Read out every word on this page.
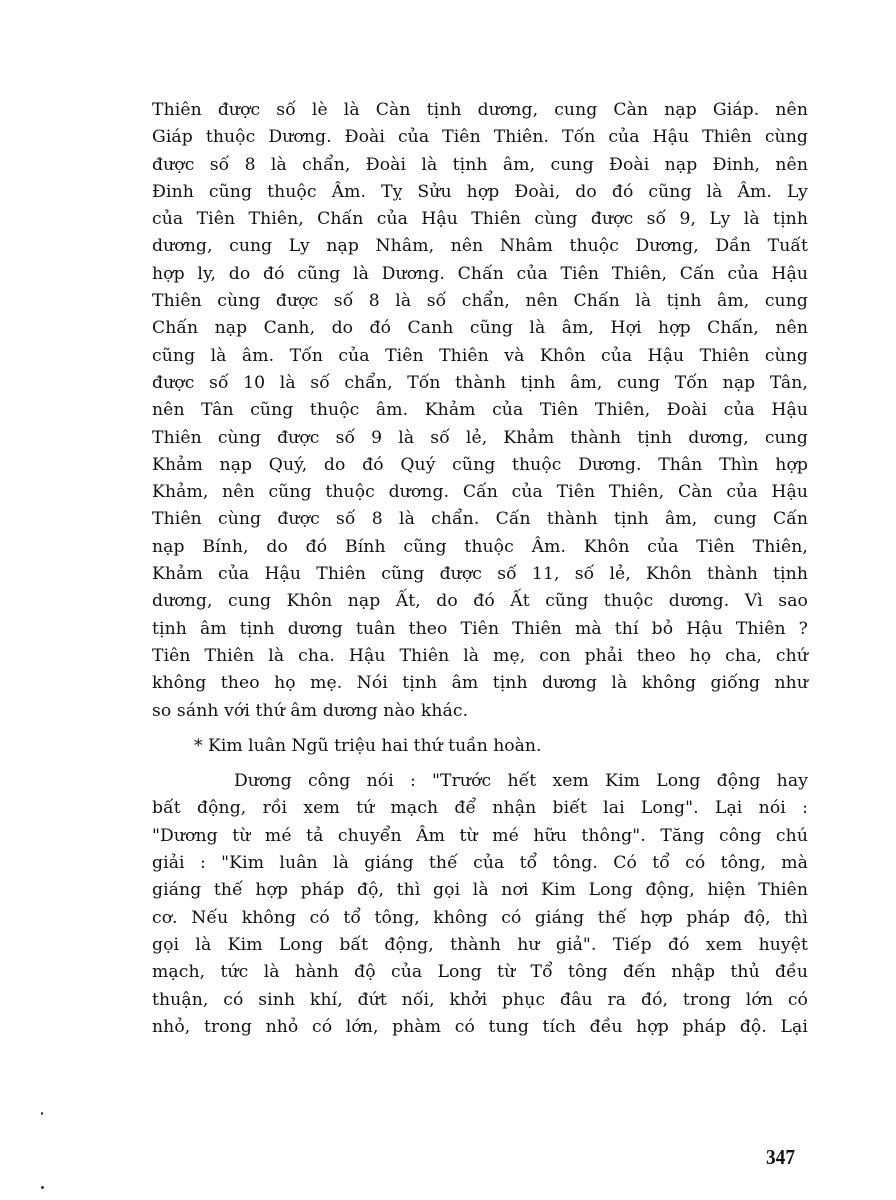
Thiên được số lè là Càn tịnh dương, cung Càn nạp Giáp. nên
Giáp thuộc Dương. Đoài của Tiên Thiên. Tốn của Hậu Thiên cùng
được số 8 là chẩn, Đoài là tịnh âm, cung Đoài nạp Đinh, nên
Đinh cũng thuộc Âm. Tỵ Sửu hợp Đoài, do đó cũng là Âm. Ly
của Tiên Thiên, Chấn của Hậu Thiên cùng được số 9, Ly là tịnh
dương, cung Ly nạp Nhâm, nên Nhâm thuộc Dương, Dần Tuất
hợp ly, do đó cũng là Dương. Chấn của Tiên Thiên, Cấn của Hậu
Thiên cùng được số 8 là số chẩn, nên Chấn là tịnh âm, cung
Chấn nạp Canh, do đó Canh cũng là âm, Hợi hợp Chấn, nên
cũng là âm. Tốn của Tiên Thiên và Khôn của Hậu Thiên cùng
được số 10 là số chẩn, Tốn thành tịnh âm, cung Tốn nạp Tân,
nên Tân cũng thuộc âm. Khảm của Tiên Thiên, Đoài của Hậu
Thiên cùng được số 9 là số lẻ, Khảm thành tịnh dương, cung
Khảm nạp Quý, do đó Quý cũng thuộc Dương. Thân Thìn hợp
Khảm, nên cũng thuộc dương. Cấn của Tiên Thiên, Càn của Hậu
Thiên cùng được số 8 là chẩn. Cấn thành tịnh âm, cung Cấn
nạp Bính, do đó Bính cũng thuộc Âm. Khôn của Tiên Thiên,
Khảm của Hậu Thiên cũng được số 11, số lẻ, Khôn thành tịnh
dương, cung Khôn nạp Ất, do đó Ất cũng thuộc dương. Vì sao
tịnh âm tịnh dương tuân theo Tiên Thiên mà thí bỏ Hậu Thiên ?
Tiên Thiên là cha. Hậu Thiên là mẹ, con phải theo họ cha, chứ
không theo họ mẹ. Nói tịnh âm tịnh dương là không giống như
so sánh với thứ âm dương nào khác.
* Kim luân Ngũ triệu hai thứ tuần hoàn.
Dương công nói : "Trước hết xem Kim Long động hay
bất động, rồi xem tứ mạch để nhận biết lai Long". Lại nói :
"Dương từ mé tả chuyển Âm từ mé hữu thông". Tăng công chú
giải : "Kim luân là giáng thế của tổ tông. Có tổ có tông, mà
giáng thế hợp pháp độ, thì gọi là nơi Kim Long động, hiện Thiên
cơ. Nếu không có tổ tông, không có giáng thế hợp pháp độ, thì
gọi là Kim Long bất động, thành hư giả". Tiếp đó xem huyệt
mạch, tức là hành độ của Long từ Tổ tông đến nhập thủ đều
thuận, có sinh khí, đứt nối, khởi phục đâu ra đó, trong lớn có
nhỏ, trong nhỏ có lớn, phàm có tung tích đều hợp pháp độ. Lại
347
